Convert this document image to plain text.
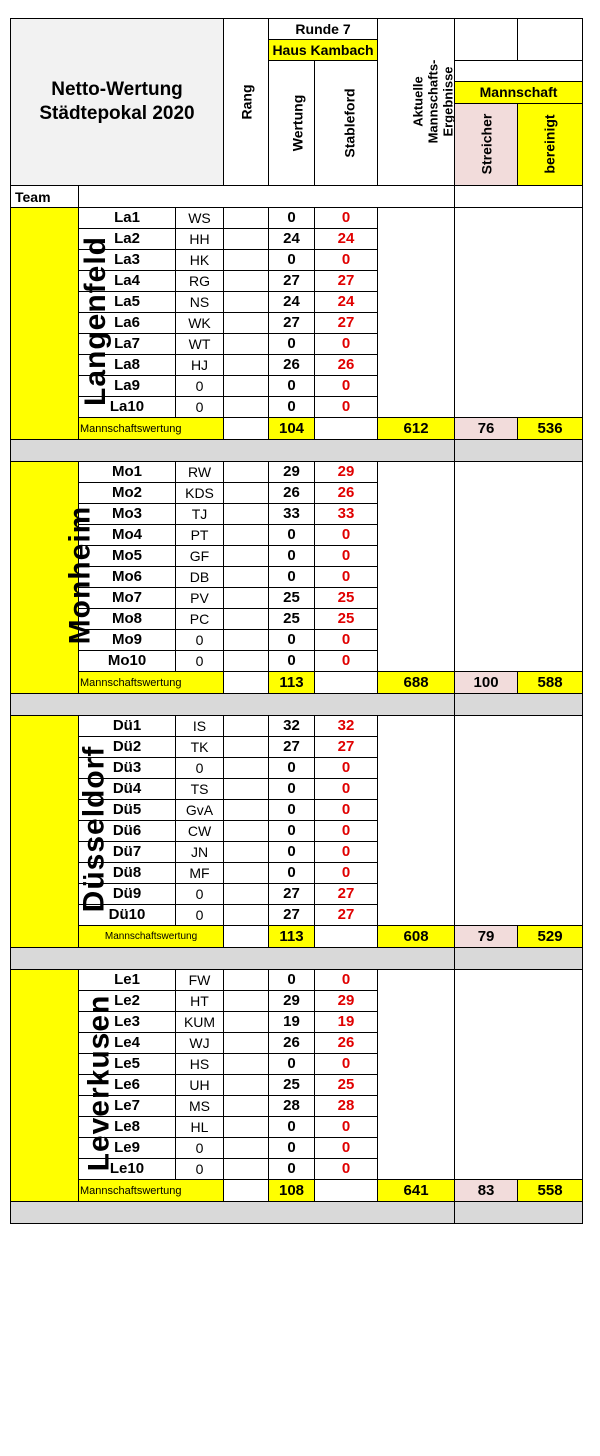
Netto-Wertung Städtepokal 2020			Rang	Runde 7		Aktuelle Mannschafts-Ergebnisse		
				Haus Kambach				
				Wertung	Stableford			
							Mannschaft	
							Streicher	bereinigt

Team								
Langenfeld	La1	WS		0	0			
	La2	HH		24	24			
	La3	HK		0	0			
	La4	RG		27	27			
	La5	NS		24	24			
	La6	WK		27	27			
	La7	WT		0	0			
	La8	HJ		26	26			
	La9	0		0	0			
	La10	0		0	0			
	Mannschaftswertung			104		612	76	536

Monheim	Mo1	RW		29	29			
	Mo2	KDS		26	26			
	Mo3	TJ		33	33			
	Mo4	PT		0	0			
	Mo5	GF		0	0			
	Mo6	DB		0	0			
	Mo7	PV		25	25			
	Mo8	PC		25	25			
	Mo9	0		0	0			
	Mo10	0		0	0			
	Mannschaftswertung			113		688	100	588

Düsseldorf	Dü1	IS		32	32			
	Dü2	TK		27	27			
	Dü3	0		0	0			
	Dü4	TS		0	0			
	Dü5	GvA		0	0			
	Dü6	CW		0	0			
	Dü7	JN		0	0			
	Dü8	MF		0	0			
	Dü9	0		27	27			
	Dü10	0		27	27			
	Mannschaftswertung			113		608	79	529

Leverkusen	Le1	FW		0	0			
	Le2	HT		29	29			
	Le3	KUM		19	19			
	Le4	WJ		26	26			
	Le5	HS		0	0			
	Le6	UH		25	25			
	Le7	MS		28	28			
	Le8	HL		0	0			
	Le9	0		0	0			
	Le10	0		0	0			
	Mannschaftswertung			108		641	83	558
